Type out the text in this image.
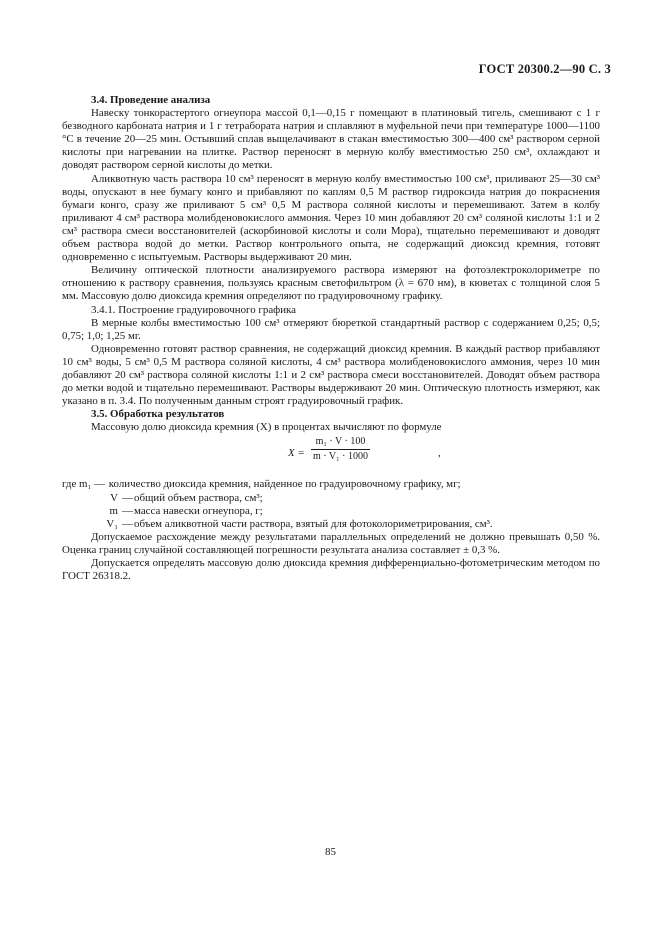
ГОСТ 20300.2—90 С. 3

3.4. Проведение анализа

Навеску тонкорастертого огнеупора массой 0,1—0,15 г помещают в платиновый тигель, смешивают с 1 г безводного карбоната натрия и 1 г тетрабората натрия и сплавляют в муфельной печи при температуре 1000—1100 °С в течение 20—25 мин. Остывший сплав выщелачивают в стакан вместимостью 300—400 см³ раствором серной кислоты при нагревании на плитке. Раствор переносят в мерную колбу вместимостью 250 см³, охлаждают и доводят раствором серной кислоты до метки.

Аликвотную часть раствора 10 см³ переносят в мерную колбу вместимостью 100 см³, приливают 25—30 см³ воды, опускают в нее бумагу конго и прибавляют по каплям 0,5 М раствор гидроксида натрия до покраснения бумаги конго, сразу же приливают 5 см³ 0,5 М раствора соляной кислоты и перемешивают. Затем в колбу приливают 4 см³ раствора молибденовокислого аммония. Через 10 мин добавляют 20 см³ соляной кислоты 1:1 и 2 см³ раствора смеси восстановителей (аскорбиновой кислоты и соли Мора), тщательно перемешивают и доводят объем раствора водой до метки. Раствор контрольного опыта, не содержащий диоксид кремния, готовят одновременно с испытуемым. Растворы выдерживают 20 мин.

Величину оптической плотности анализируемого раствора измеряют на фотоэлектроколориметре по отношению к раствору сравнения, пользуясь красным светофильтром (λ = 670 нм), в кюветах с толщиной слоя 5 мм. Массовую долю диоксида кремния определяют по градуировочному графику.

3.4.1. Построение градуировочного графика

В мерные колбы вместимостью 100 см³ отмеряют бюреткой стандартный раствор с содержанием 0,25; 0,5; 0,75; 1,0; 1,25 мг.

Одновременно готовят раствор сравнения, не содержащий диоксид кремния. В каждый раствор прибавляют 10 см³ воды, 5 см³ 0,5 М раствора соляной кислоты, 4 см³ раствора молибденовокислого аммония, через 10 мин добавляют 20 см³ раствора соляной кислоты 1:1 и 2 см³ раствора смеси восстановителей. Доводят объем раствора до метки водой и тщательно перемешивают. Растворы выдерживают 20 мин. Оптическую плотность измеряют, как указано в п. 3.4. По полученным данным строят градуировочный график.

3.5. Обработка результатов

Массовую долю диоксида кремния (X) в процентах вычисляют по формуле

X =
m₁ · V · 100
m · V₁ · 1000	,
где
m₁
—
количество диоксида кремния, найденное по градуировочному графику, мг;
V — общий объем раствора, см³;
m — масса навески огнеупора, г;
V₁ — объем аликвотной части раствора, взятый для фотоколориметрирования, см³.

Допускаемое расхождение между результатами параллельных определений не должно превышать 0,50 %. Оценка границ случайной составляющей погрешности результата анализа составляет ± 0,3 %.

Допускается определять массовую долю диоксида кремния дифференциально-фотометрическим методом по ГОСТ 26318.2.

85
